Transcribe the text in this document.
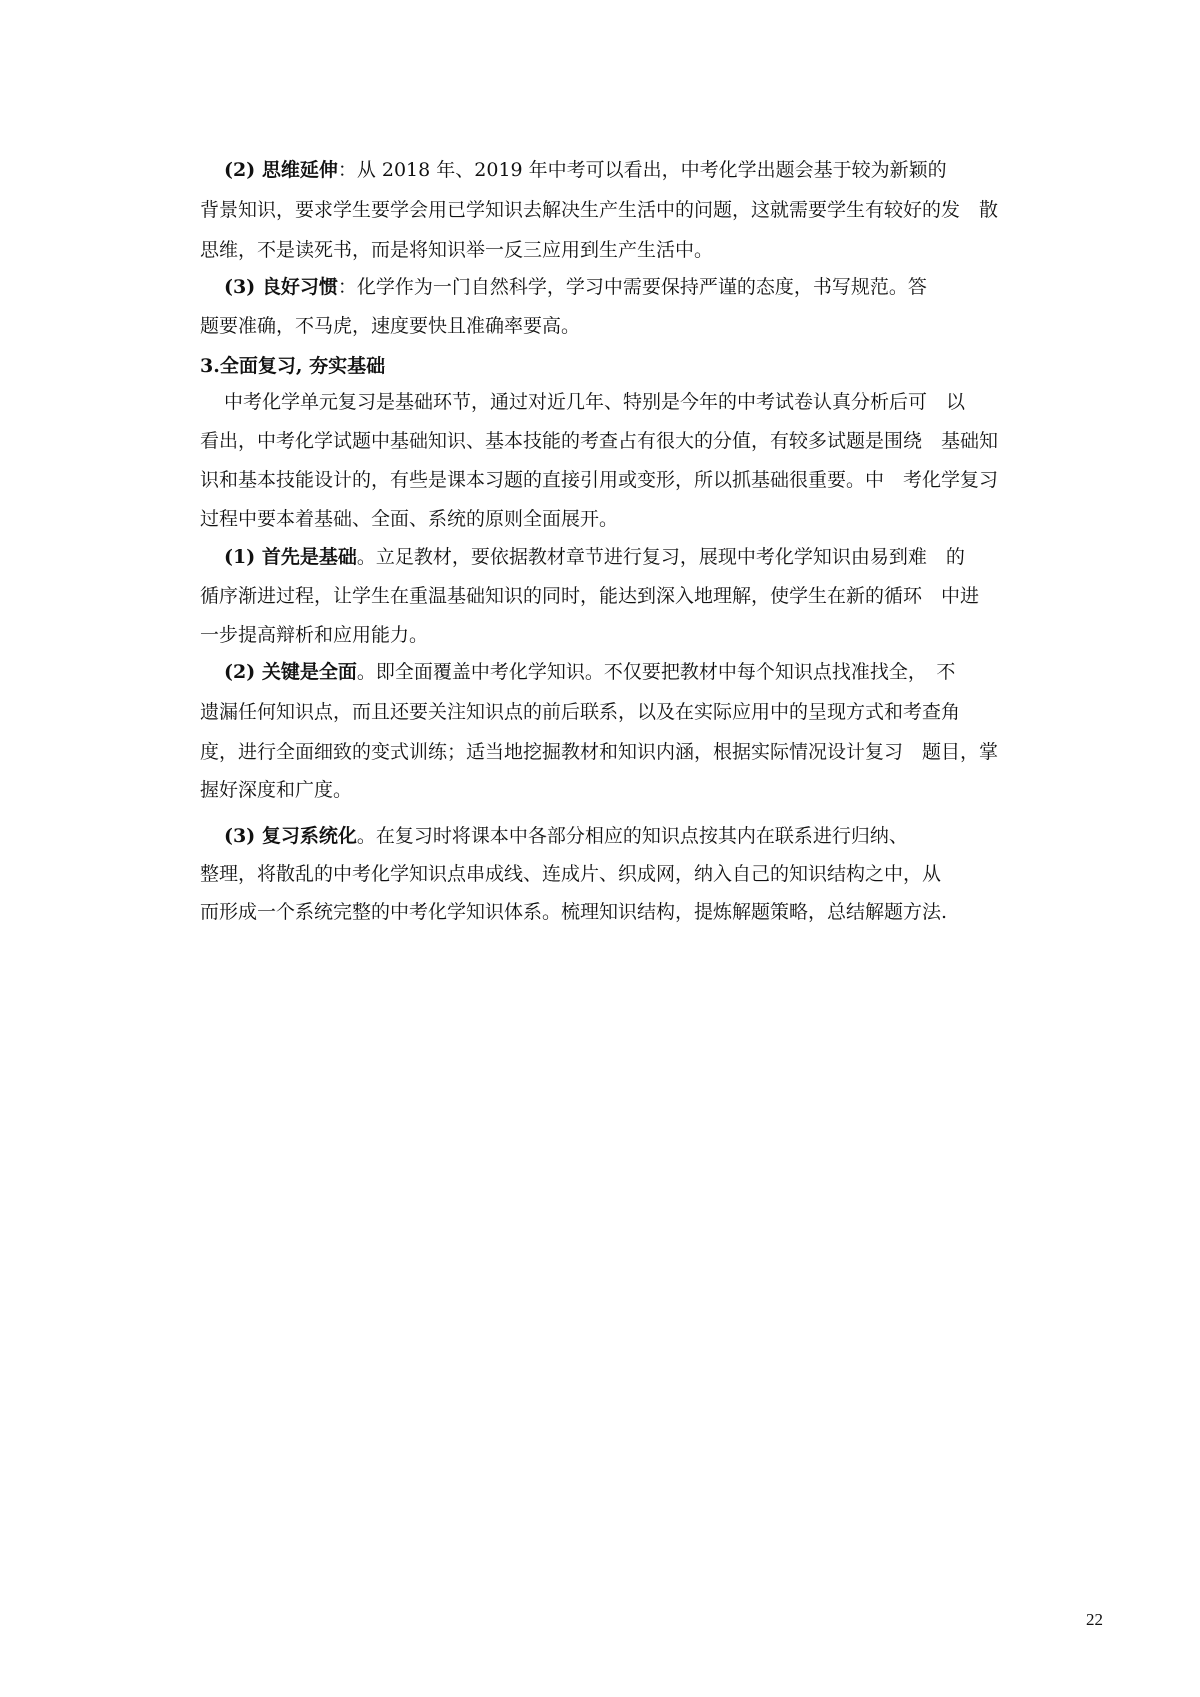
(2) 思维延伸：从 2018 年、2019 年中考可以看出，中考化学出题会基于较为新颖的
背景知识，要求学生要学会用已学知识去解决生产生活中的问题，这就需要学生有较好的发　散
思维，不是读死书，而是将知识举一反三应用到生产生活中。
(3) 良好习惯：化学作为一门自然科学，学习中需要保持严谨的态度，书写规范。答
题要准确，不马虎，速度要快且准确率要高。
3.全面复习, 夯实基础
中考化学单元复习是基础环节，通过对近几年、特别是今年的中考试卷认真分析后可　以
看出，中考化学试题中基础知识、基本技能的考查占有很大的分值，有较多试题是围绕　基础知
识和基本技能设计的，有些是课本习题的直接引用或变形，所以抓基础很重要。中　考化学复习
过程中要本着基础、全面、系统的原则全面展开。
(1) 首先是基础。立足教材，要依据教材章节进行复习，展现中考化学知识由易到难　的
循序渐进过程，让学生在重温基础知识的同时，能达到深入地理解，使学生在新的循环　中进
一步提高辩析和应用能力。
(2) 关键是全面。即全面覆盖中考化学知识。不仅要把教材中每个知识点找准找全，　不
遗漏任何知识点，而且还要关注知识点的前后联系，以及在实际应用中的呈现方式和考查角
度，进行全面细致的变式训练；适当地挖掘教材和知识内涵，根据实际情况设计复习　题目，掌
握好深度和广度。
(3) 复习系统化。在复习时将课本中各部分相应的知识点按其内在联系进行归纳、
整理，将散乱的中考化学知识点串成线、连成片、织成网，纳入自己的知识结构之中，从
而形成一个系统完整的中考化学知识体系。梳理知识结构，提炼解题策略，总结解题方法.
22
